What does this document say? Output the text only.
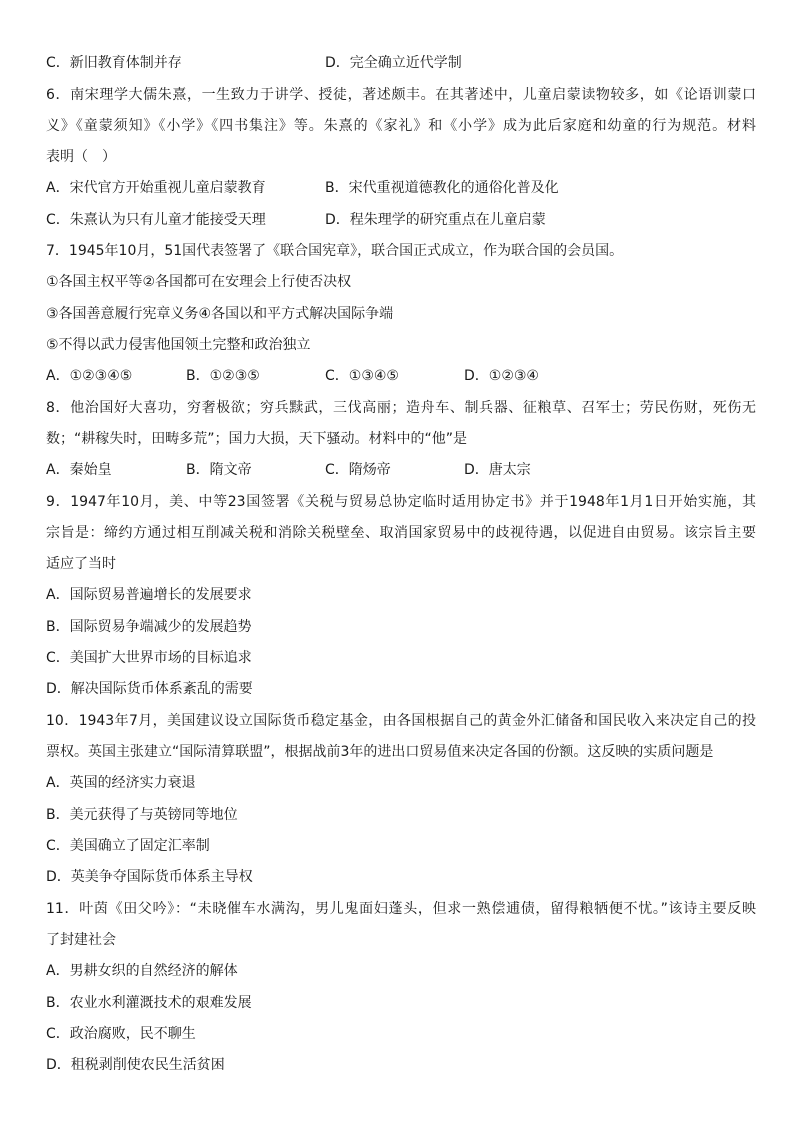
C．新旧教育体制并存	D．完全确立近代学制
6．南宋理学大儒朱熹，一生致力于讲学、授徒，著述颇丰。在其著述中，儿童启蒙读物较多，如《论语训蒙口
义》《童蒙须知》《小学》《四书集注》等。朱熹的《家礼》和《小学》成为此后家庭和幼童的行为规范。材料
表明（　）
A．宋代官方开始重视儿童启蒙教育	B．宋代重视道德教化的通俗化普及化
C．朱熹认为只有儿童才能接受天理	D．程朱理学的研究重点在儿童启蒙
7．1945年10月，51国代表签署了《联合国宪章》，联合国正式成立，作为联合国的会员国。
①各国主权平等②各国都可在安理会上行使否决权
③各国善意履行宪章义务④各国以和平方式解决国际争端
⑤不得以武力侵害他国领土完整和政治独立
A．①②③④⑤	B．①②③⑤	C．①③④⑤	D．①②③④
8．他治国好大喜功，穷奢极欲；穷兵黩武，三伐高丽；造舟车、制兵器、征粮草、召军士；劳民伤财，死伤无
数；“耕稼失时，田畴多荒”；国力大损，天下骚动。材料中的“他”是
A．秦始皇	B．隋文帝	C．隋炀帝	D．唐太宗
9．1947年10月，美、中等23国签署《关税与贸易总协定临时适用协定书》并于1948年1月1日开始实施，其
宗旨是：缔约方通过相互削减关税和消除关税壁垒、取消国家贸易中的歧视待遇，以促进自由贸易。该宗旨主要
适应了当时
A．国际贸易普遍增长的发展要求
B．国际贸易争端减少的发展趋势
C．美国扩大世界市场的目标追求
D．解决国际货币体系紊乱的需要
10．1943年7月，美国建议设立国际货币稳定基金，由各国根据自己的黄金外汇储备和国民收入来决定自己的投
票权。英国主张建立“国际清算联盟”，根据战前3年的进出口贸易值来决定各国的份额。这反映的实质问题是
A．英国的经济实力衰退
B．美元获得了与英镑同等地位
C．美国确立了固定汇率制
D．英美争夺国际货币体系主导权
11．叶茵《田父吟》：“未晓催车水满沟，男儿鬼面妇蓬头，但求一熟偿逋债，留得粮牺便不忧。”该诗主要反映
了封建社会
A．男耕女织的自然经济的解体
B．农业水利灌溉技术的艰难发展
C．政治腐败，民不聊生
D．租税剥削使农民生活贫困
